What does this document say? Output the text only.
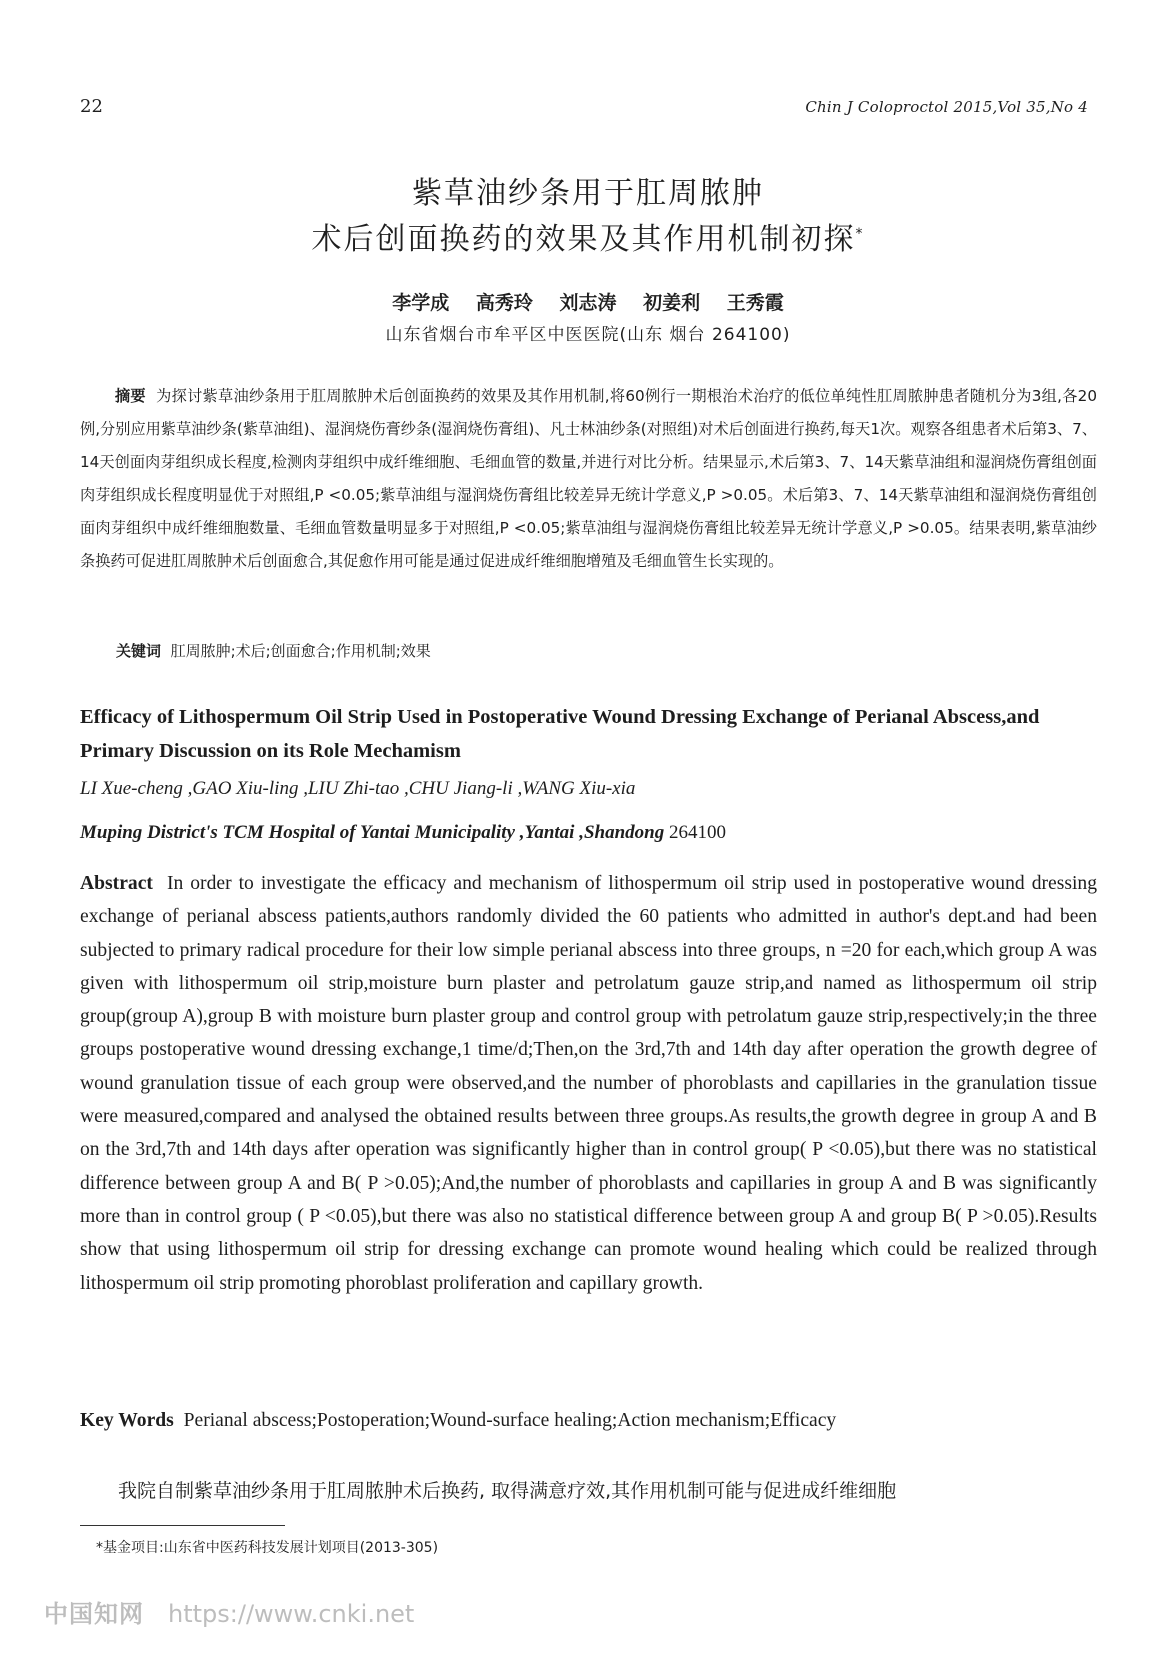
22	Chin J Coloproctol 2015,Vol 35,No 4
紫草油纱条用于肛周脓肿
术后创面换药的效果及其作用机制初探*
李学成 高秀玲 刘志涛 初姜利 王秀霞
山东省烟台市牟平区中医医院(山东 烟台 264100)
摘要 为探讨紫草油纱条用于肛周脓肿术后创面换药的效果及其作用机制,将60例行一期根治术治疗的低位单纯性肛周脓肿患者随机分为3组,各20例,分别应用紫草油纱条(紫草油组)、湿润烧伤膏纱条(湿润烧伤膏组)、凡士林油纱条(对照组)对术后创面进行换药,每天1次。观察各组患者术后第3、7、14天创面肉芽组织成长程度,检测肉芽组织中成纤维细胞、毛细血管的数量,并进行对比分析。结果显示,术后第3、7、14天紫草油组和湿润烧伤膏组创面肉芽组织成长程度明显优于对照组,P <0.05;紫草油组与湿润烧伤膏组比较差异无统计学意义,P >0.05。术后第3、7、14天紫草油组和湿润烧伤膏组创面肉芽组织中成纤维细胞数量、毛细血管数量明显多于对照组,P <0.05;紫草油组与湿润烧伤膏组比较差异无统计学意义,P >0.05。结果表明,紫草油纱条换药可促进肛周脓肿术后创面愈合,其促愈作用可能是通过促进成纤维细胞增殖及毛细血管生长实现的。
关键词 肛周脓肿;术后;创面愈合;作用机制;效果
Efficacy of Lithospermum Oil Strip Used in Postoperative Wound Dressing Exchange of Perianal Abscess,and Primary Discussion on its Role Mechamism
LI Xue-cheng ,GAO Xiu-ling ,LIU Zhi-tao ,CHU Jiang-li ,WANG Xiu-xia
Muping District's TCM Hospital of Yantai Municipality ,Yantai ,Shandong 264100
Abstract In order to investigate the efficacy and mechanism of lithospermum oil strip used in postoperative wound dressing exchange of perianal abscess patients,authors randomly divided the 60 patients who admitted in author's dept.and had been subjected to primary radical procedure for their low simple perianal abscess into three groups, n =20 for each,which group A was given with lithospermum oil strip,moisture burn plaster and petrolatum gauze strip,and named as lithospermum oil strip group(group A),group B with moisture burn plaster group and control group with petrolatum gauze strip,respectively;in the three groups postoperative wound dressing exchange,1 time/d;Then,on the 3rd,7th and 14th day after operation the growth degree of wound granulation tissue of each group were observed,and the number of phoroblasts and capillaries in the granulation tissue were measured,compared and analysed the obtained results between three groups.As results,the growth degree in group A and B on the 3rd,7th and 14th days after operation was significantly higher than in control group( P <0.05),but there was no statistical difference between group A and B( P >0.05);And,the number of phoroblasts and capillaries in group A and B was significantly more than in control group ( P <0.05),but there was also no statistical difference between group A and group B( P >0.05).Results show that using lithospermum oil strip for dressing exchange can promote wound healing which could be realized through lithospermum oil strip promoting phoroblast proliferation and capillary growth.
Key Words Perianal abscess;Postoperation;Wound-surface healing;Action mechanism;Efficacy
我院自制紫草油纱条用于肛周脓肿术后换药, 取得满意疗效,其作用机制可能与促进成纤维细胞
*基金项目:山东省中医药科技发展计划项目(2013-305)
中国知网 https://www.cnki.net
